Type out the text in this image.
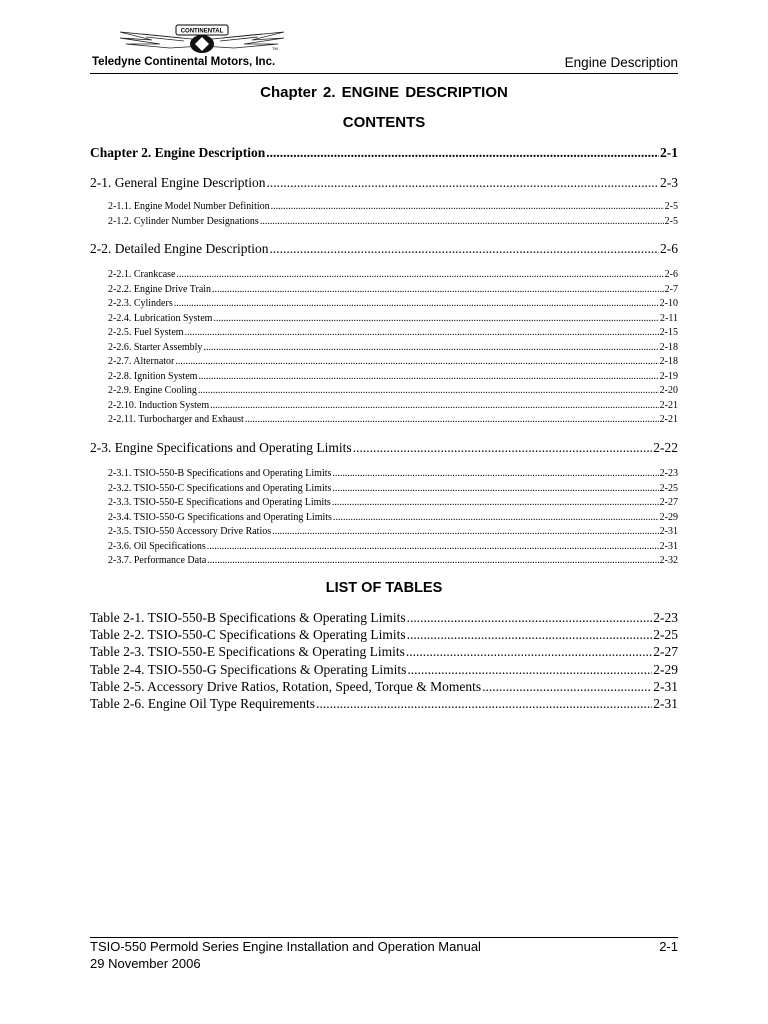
CONTINENTAL
TM
Teledyne Continental Motors, Inc.	Engine Description
Chapter 2. ENGINE DESCRIPTION
CONTENTS
Chapter 2. Engine Description .....	2-1
2-1. General Engine Description .....	2-3
2-1.1. Engine Model Number Definition .....	2-5
2-1.2. Cylinder Number Designations .....	2-5
2-2. Detailed Engine Description .....	2-6
2-2.1. Crankcase .....	2-6
2-2.2. Engine Drive Train .....	2-7
2-2.3. Cylinders .....	2-10
2-2.4. Lubrication System .....	2-11
2-2.5. Fuel System .....	2-15
2-2.6. Starter Assembly .....	2-18
2-2.7. Alternator .....	2-18
2-2.8. Ignition System .....	2-19
2-2.9. Engine Cooling .....	2-20
2-2.10. Induction System .....	2-21
2-2.11. Turbocharger and Exhaust .....	2-21
2-3. Engine Specifications and Operating Limits .....	2-22
2-3.1. TSIO-550-B Specifications and Operating Limits .....	2-23
2-3.2. TSIO-550-C Specifications and Operating Limits .....	2-25
2-3.3. TSIO-550-E Specifications and Operating Limits .....	2-27
2-3.4. TSIO-550-G Specifications and Operating Limits .....	2-29
2-3.5. TSIO-550 Accessory Drive Ratios .....	2-31
2-3.6. Oil Specifications .....	2-31
2-3.7. Performance Data .....	2-32
LIST OF TABLES
Table 2-1. TSIO-550-B Specifications & Operating Limits .....	2-23
Table 2-2. TSIO-550-C Specifications & Operating Limits .....	2-25
Table 2-3. TSIO-550-E Specifications & Operating Limits .....	2-27
Table 2-4. TSIO-550-G Specifications & Operating Limits .....	2-29
Table 2-5. Accessory Drive Ratios, Rotation, Speed, Torque & Moments .....	2-31
Table 2-6. Engine Oil Type Requirements .....	2-31
TSIO-550 Permold Series Engine Installation and Operation Manual
29 November 2006
2-1
